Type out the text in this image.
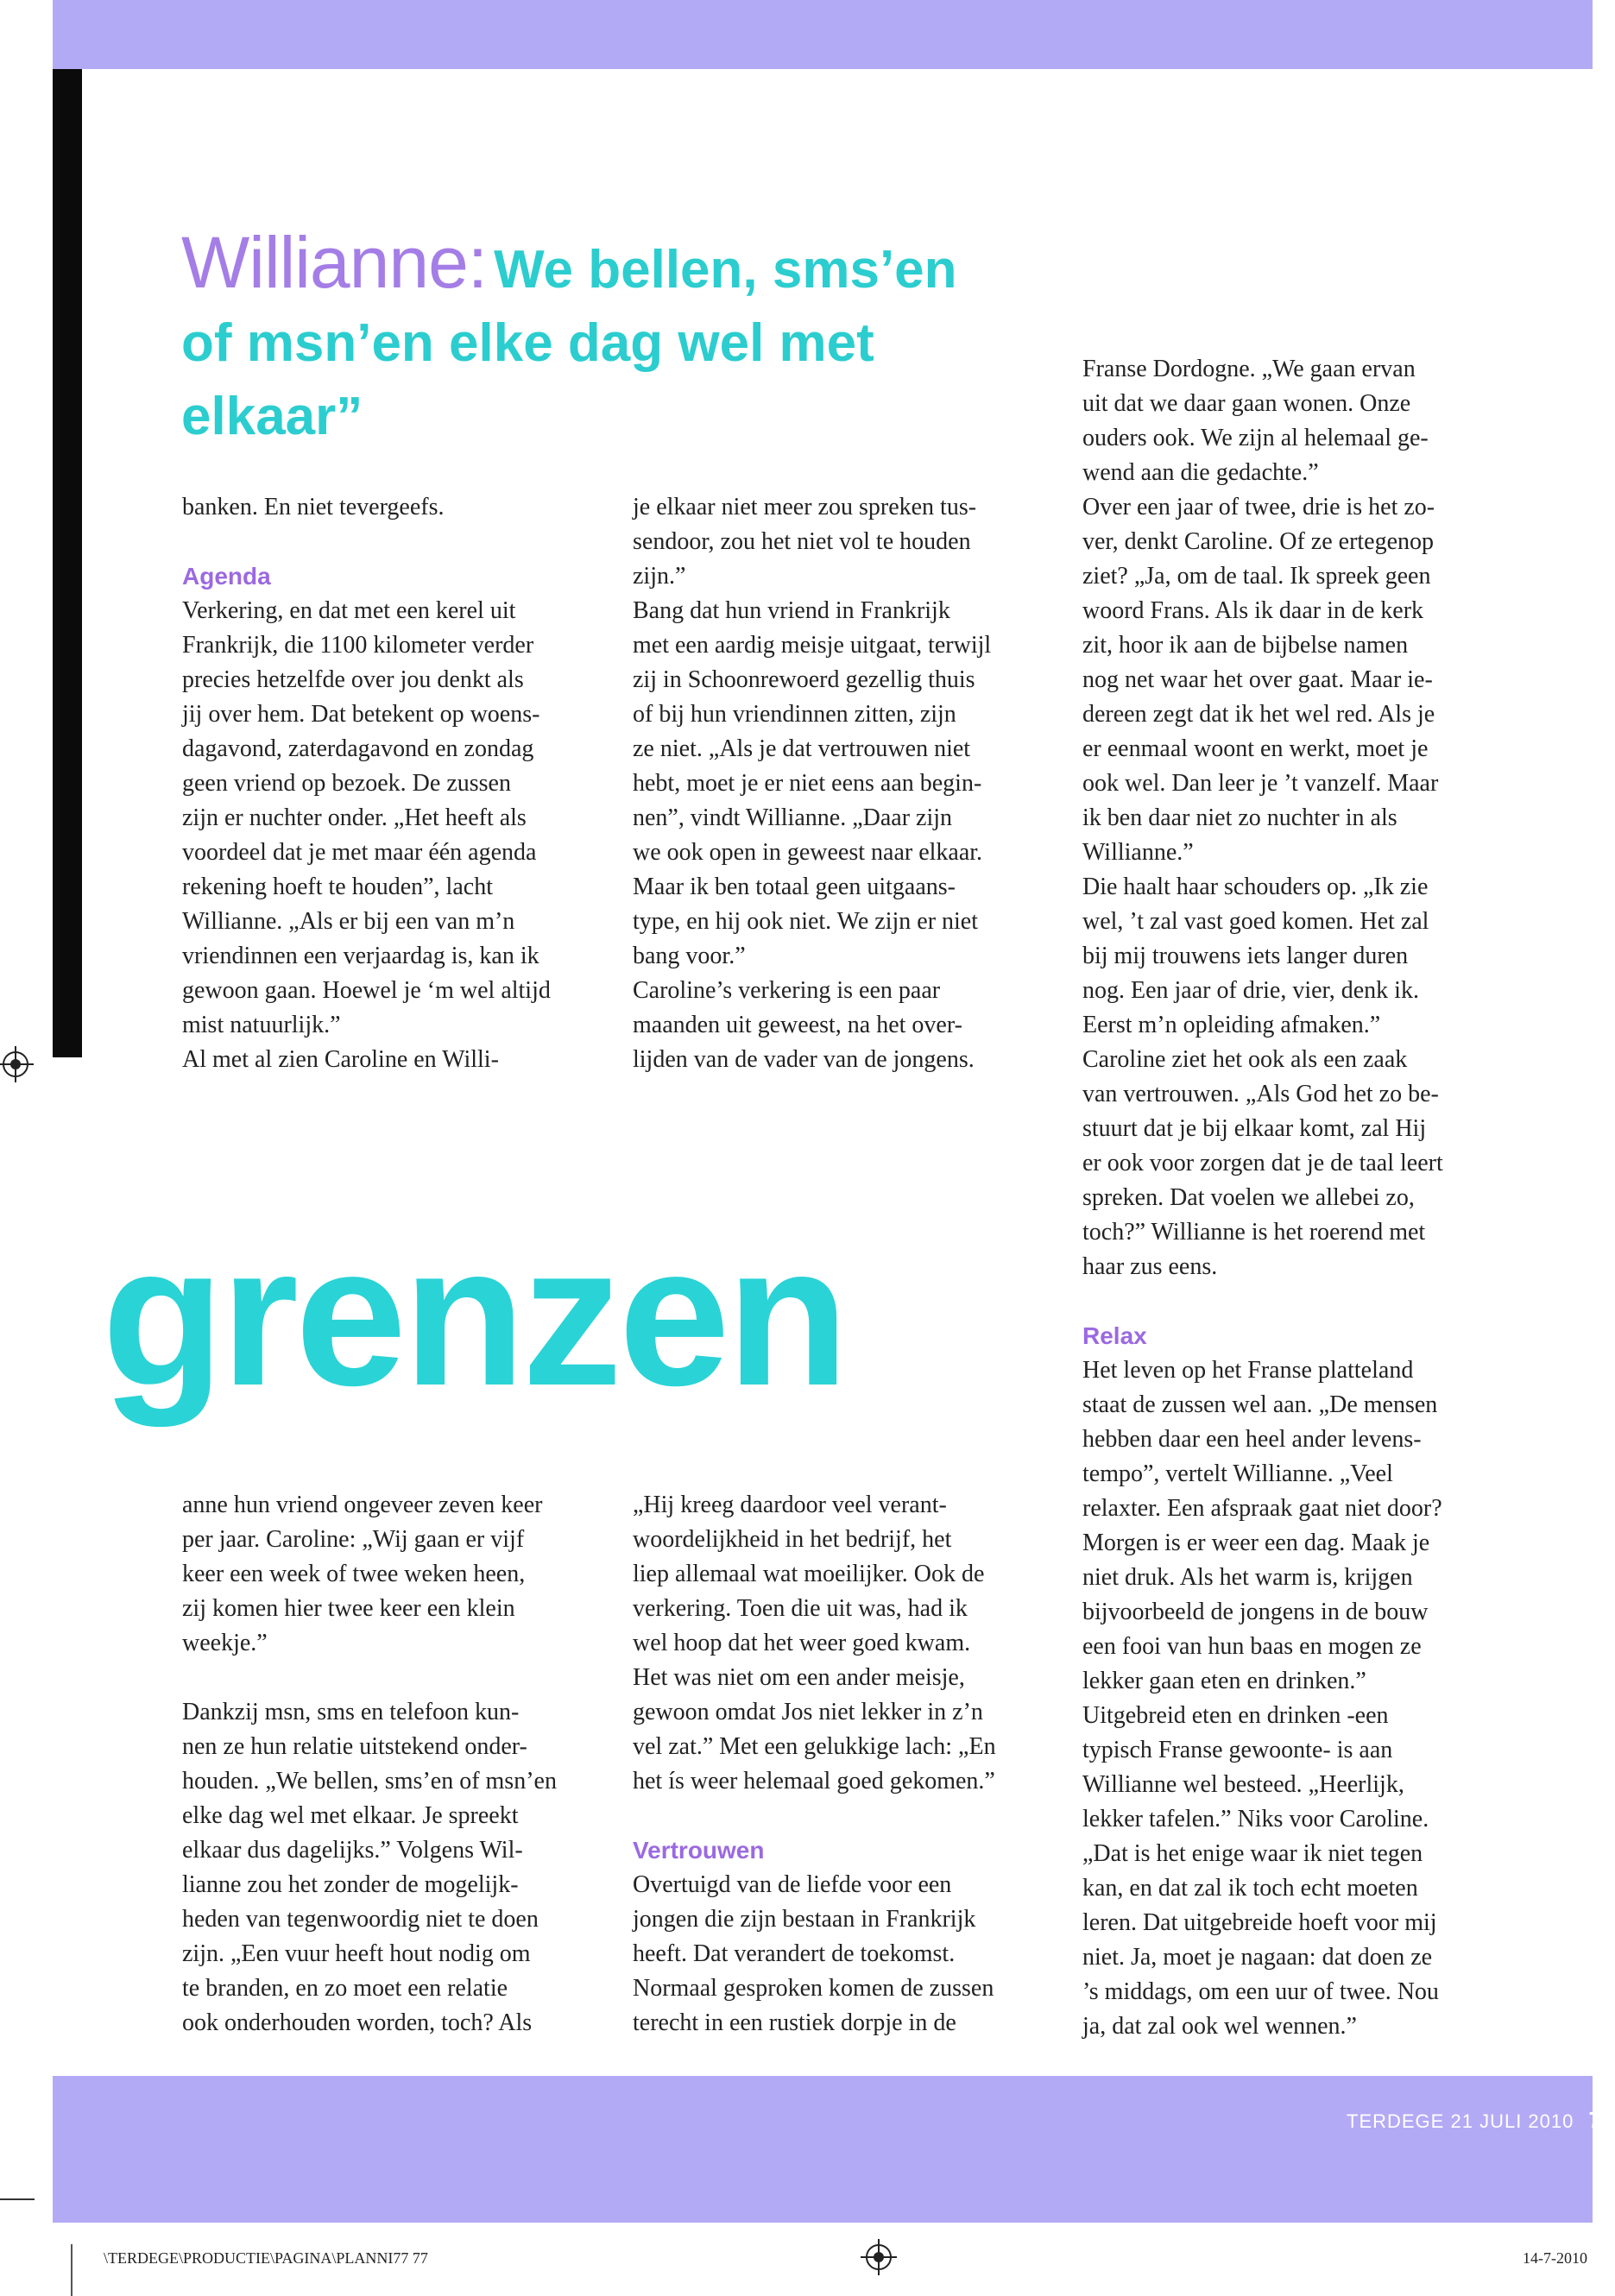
Willianne: We bellen, sms’en of msn’en elke dag wel met elkaar”

banken. En niet tevergeefs.

Agenda

Verkering, en dat met een kerel uit

Frankrijk, die 1100 kilometer verder

precies hetzelfde over jou denkt als

jij over hem. Dat betekent op woens-

dagavond, zaterdagavond en zondag

geen vriend op bezoek. De zussen

zijn er nuchter onder. „Het heeft als

voordeel dat je met maar één agenda

rekening hoeft te houden”, lacht

Willianne. „Als er bij een van m’n

vriendinnen een verjaardag is, kan ik

gewoon gaan. Hoewel je ‘m wel altijd

mist natuurlijk.”

Al met al zien Caroline en Willi-

je elkaar niet meer zou spreken tus-

sendoor, zou het niet vol te houden

zijn.”

Bang dat hun vriend in Frankrijk

met een aardig meisje uitgaat, terwijl

zij in Schoonrewoerd gezellig thuis

of bij hun vriendinnen zitten, zijn

ze niet. „Als je dat vertrouwen niet

hebt, moet je er niet eens aan begin-

nen”, vindt Willianne. „Daar zijn

we ook open in geweest naar elkaar.

Maar ik ben totaal geen uitgaans-

type, en hij ook niet. We zijn er niet

bang voor.”

Caroline’s verkering is een paar

maanden uit geweest, na het over-

lijden van de vader van de jongens.

Franse Dordogne. „We gaan ervan

uit dat we daar gaan wonen. Onze

ouders ook. We zijn al helemaal ge-

wend aan die gedachte.”

Over een jaar of twee, drie is het zo-

ver, denkt Caroline. Of ze ertegenop

ziet? „Ja, om de taal. Ik spreek geen

woord Frans. Als ik daar in de kerk

zit, hoor ik aan de bijbelse namen

nog net waar het over gaat. Maar ie-

dereen zegt dat ik het wel red. Als je

er eenmaal woont en werkt, moet je

ook wel. Dan leer je ’t vanzelf. Maar

ik ben daar niet zo nuchter in als

Willianne.”

Die haalt haar schouders op. „Ik zie

wel, ’t zal vast goed komen. Het zal

bij mij trouwens iets langer duren

nog. Een jaar of drie, vier, denk ik.

Eerst m’n opleiding afmaken.”

Caroline ziet het ook als een zaak

van vertrouwen. „Als God het zo be-

stuurt dat je bij elkaar komt, zal Hij

er ook voor zorgen dat je de taal leert

spreken. Dat voelen we allebei zo,

toch?” Willianne is het roerend met

haar zus eens.

Relax

Het leven op het Franse platteland

staat de zussen wel aan. „De mensen

hebben daar een heel ander levens-

tempo”, vertelt Willianne. „Veel

relaxter. Een afspraak gaat niet door?

Morgen is er weer een dag. Maak je

niet druk. Als het warm is, krijgen

bijvoorbeeld de jongens in de bouw

een fooi van hun baas en mogen ze

lekker gaan eten en drinken.”

Uitgebreid eten en drinken -een

typisch Franse gewoonte- is aan

Willianne wel besteed. „Heerlijk,

lekker tafelen.” Niks voor Caroline.

„Dat is het enige waar ik niet tegen

kan, en dat zal ik toch echt moeten

leren. Dat uitgebreide hoeft voor mij

niet. Ja, moet je nagaan: dat doen ze

’s middags, om een uur of twee. Nou

ja, dat zal ook wel wennen.”

grenzen

anne hun vriend ongeveer zeven keer

per jaar. Caroline: „Wij gaan er vijf

keer een week of twee weken heen,

zij komen hier twee keer een klein

weekje.”

Dankzij msn, sms en telefoon kun-

nen ze hun relatie uitstekend onder-

houden. „We bellen, sms’en of msn’en

elke dag wel met elkaar. Je spreekt

elkaar dus dagelijks.” Volgens Wil-

lianne zou het zonder de mogelijk-

heden van tegenwoordig niet te doen

zijn. „Een vuur heeft hout nodig om

te branden, en zo moet een relatie

ook onderhouden worden, toch? Als

„Hij kreeg daardoor veel verant-

woordelijkheid in het bedrijf, het

liep allemaal wat moeilijker. Ook de

verkering. Toen die uit was, had ik

wel hoop dat het weer goed kwam.

Het was niet om een ander meisje,

gewoon omdat Jos niet lekker in z’n

vel zat.” Met een gelukkige lach: „En

het ís weer helemaal goed gekomen.”

Vertrouwen

Overtuigd van de liefde voor een

jongen die zijn bestaan in Frankrijk

heeft. Dat verandert de toekomst.

Normaal gesproken komen de zussen

terecht in een rustiek dorpje in de

TERDEGE 21 JULI 2010 77

\TERDEGE\PRODUCTIE\PAGINA\PLANNI77 77	14-7-2010
